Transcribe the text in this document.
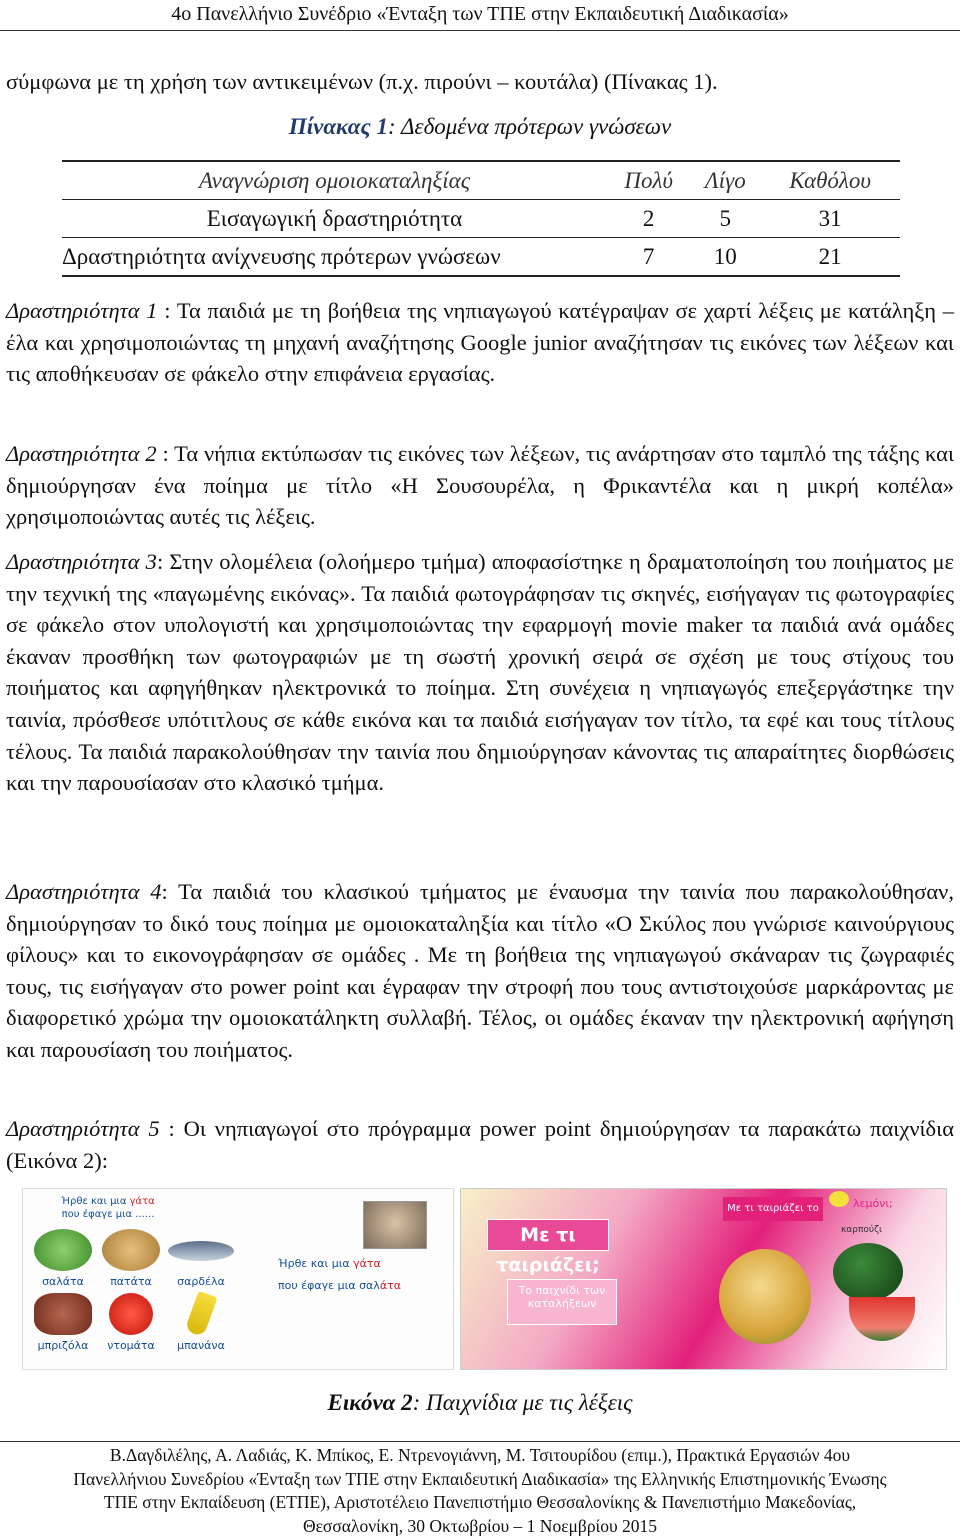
4ο Πανελλήνιο Συνέδριο «Ένταξη των ΤΠΕ στην Εκπαιδευτική Διαδικασία»
σύμφωνα με τη χρήση των αντικειμένων (π.χ. πιρούνι – κουτάλα) (Πίνακας 1).
Πίνακας 1: Δεδομένα πρότερων γνώσεων
Αναγνώριση ομοιοκαταληξίας	Πολύ	Λίγο	Καθόλου
Εισαγωγική δραστηριότητα	2	5	31
Δραστηριότητα ανίχνευσης πρότερων γνώσεων	7	10	21
Δραστηριότητα 1 : Τα παιδιά με τη βοήθεια της νηπιαγωγού κατέγραψαν σε χαρτί λέξεις με κατάληξη –έλα και χρησιμοποιώντας τη μηχανή αναζήτησης Google junior αναζήτησαν τις εικόνες των λέξεων και τις αποθήκευσαν σε φάκελο στην επιφάνεια εργασίας.
Δραστηριότητα 2 : Τα νήπια εκτύπωσαν τις εικόνες των λέξεων, τις ανάρτησαν στο ταμπλό της τάξης και δημιούργησαν ένα ποίημα με τίτλο «Η Σουσουρέλα, η Φρικαντέλα και η μικρή κοπέλα» χρησιμοποιώντας αυτές τις λέξεις.
Δραστηριότητα 3: Στην ολομέλεια (ολοήμερο τμήμα) αποφασίστηκε η δραματοποίηση του ποιήματος με την τεχνική της «παγωμένης εικόνας». Τα παιδιά φωτογράφησαν τις σκηνές, εισήγαγαν τις φωτογραφίες σε φάκελο στον υπολογιστή και χρησιμοποιώντας την εφαρμογή movie maker τα παιδιά ανά ομάδες έκαναν προσθήκη των φωτογραφιών με τη σωστή χρονική σειρά σε σχέση με τους στίχους του ποιήματος και αφηγήθηκαν ηλεκτρονικά το ποίημα. Στη συνέχεια η νηπιαγωγός επεξεργάστηκε την ταινία, πρόσθεσε υπότιτλους σε κάθε εικόνα και τα παιδιά εισήγαγαν τον τίτλο, τα εφέ και τους τίτλους τέλους. Τα παιδιά παρακολούθησαν την ταινία που δημιούργησαν κάνοντας τις απαραίτητες διορθώσεις και την παρουσίασαν στο κλασικό τμήμα.
Δραστηριότητα 4: Τα παιδιά του κλασικού τμήματος με έναυσμα την ταινία που παρακολούθησαν, δημιούργησαν το δικό τους ποίημα με ομοιοκαταληξία και τίτλο «Ο Σκύλος που γνώρισε καινούργιους φίλους» και το εικονογράφησαν σε ομάδες . Με τη βοήθεια της νηπιαγωγού σκάναραν τις ζωγραφιές τους, τις εισήγαγαν στο power point και έγραφαν την στροφή που τους αντιστοιχούσε μαρκάροντας με διαφορετικό χρώμα την ομοιοκατάληκτη συλλαβή. Τέλος, οι ομάδες έκαναν την ηλεκτρονική αφήγηση και παρουσίαση του ποιήματος.
Δραστηριότητα 5 : Οι νηπιαγωγοί στο πρόγραμμα power point δημιούργησαν τα παρακάτω παιχνίδια (Εικόνα 2):
Ήρθε και μια γάτα
που έφαγε μια ......
σαλάτα	πατάτα	σαρδέλα
μπριζόλα	ντομάτα	μπανάνα
Ήρθε και μια γάτα
που έφαγε μια σαλάτα
Με τι ταιριάζει;
Το παιχνίδι των καταλήξεων
Με τι ταιριάζει το	λεμόνι;
καρπούζι
Εικόνα 2: Παιχνίδια με τις λέξεις
Β.Δαγδιλέλης, Α. Λαδιάς, Κ. Μπίκος, Ε. Ντρενογιάννη, Μ. Τσιτουρίδου (επιμ.), Πρακτικά Εργασιών 4ου
Πανελλήνιου Συνεδρίου «Ένταξη των ΤΠΕ στην Εκπαιδευτική Διαδικασία» της Ελληνικής Επιστημονικής Ένωσης
ΤΠΕ στην Εκπαίδευση (ΕΤΠΕ), Αριστοτέλειο Πανεπιστήμιο Θεσσαλονίκης & Πανεπιστήμιο Μακεδονίας,
Θεσσαλονίκη, 30 Οκτωβρίου – 1 Νοεμβρίου 2015
